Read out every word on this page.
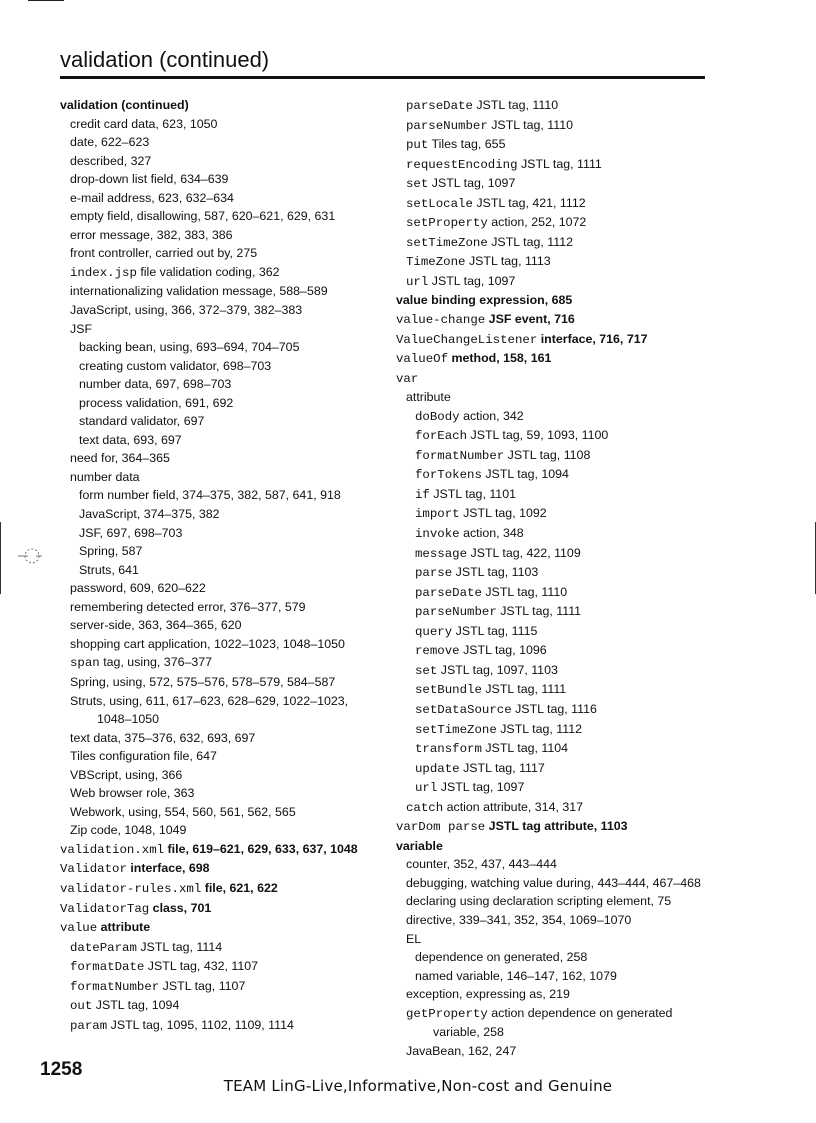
validation (continued)
validation (continued)
credit card data, 623, 1050
date, 622–623
described, 327
drop-down list field, 634–639
e-mail address, 623, 632–634
empty field, disallowing, 587, 620–621, 629, 631
error message, 382, 383, 386
front controller, carried out by, 275
index.jsp file validation coding, 362
internationalizing validation message, 588–589
JavaScript, using, 366, 372–379, 382–383
JSF
backing bean, using, 693–694, 704–705
creating custom validator, 698–703
number data, 697, 698–703
process validation, 691, 692
standard validator, 697
text data, 693, 697
need for, 364–365
number data
form number field, 374–375, 382, 587, 641, 918
JavaScript, 374–375, 382
JSF, 697, 698–703
Spring, 587
Struts, 641
password, 609, 620–622
remembering detected error, 376–377, 579
server-side, 363, 364–365, 620
shopping cart application, 1022–1023, 1048–1050
span tag, using, 376–377
Spring, using, 572, 575–576, 578–579, 584–587
Struts, using, 611, 617–623, 628–629, 1022–1023,
1048–1050
text data, 375–376, 632, 693, 697
Tiles configuration file, 647
VBScript, using, 366
Web browser role, 363
Webwork, using, 554, 560, 561, 562, 565
Zip code, 1048, 1049
validation.xml file, 619–621, 629, 633, 637, 1048
Validator interface, 698
validator-rules.xml file, 621, 622
ValidatorTag class, 701
value attribute
dateParam JSTL tag, 1114
formatDate JSTL tag, 432, 1107
formatNumber JSTL tag, 1107
out JSTL tag, 1094
param JSTL tag, 1095, 1102, 1109, 1114
parseDate JSTL tag, 1110
parseNumber JSTL tag, 1110
put Tiles tag, 655
requestEncoding JSTL tag, 1111
set JSTL tag, 1097
setLocale JSTL tag, 421, 1112
setProperty action, 252, 1072
setTimeZone JSTL tag, 1112
TimeZone JSTL tag, 1113
url JSTL tag, 1097
value binding expression, 685
value-change JSF event, 716
ValueChangeListener interface, 716, 717
valueOf method, 158, 161
var
attribute
doBody action, 342
forEach JSTL tag, 59, 1093, 1100
formatNumber JSTL tag, 1108
forTokens JSTL tag, 1094
if JSTL tag, 1101
import JSTL tag, 1092
invoke action, 348
message JSTL tag, 422, 1109
parse JSTL tag, 1103
parseDate JSTL tag, 1110
parseNumber JSTL tag, 1111
query JSTL tag, 1115
remove JSTL tag, 1096
set JSTL tag, 1097, 1103
setBundle JSTL tag, 1111
setDataSource JSTL tag, 1116
setTimeZone JSTL tag, 1112
transform JSTL tag, 1104
update JSTL tag, 1117
url JSTL tag, 1097
catch action attribute, 314, 317
varDom parse JSTL tag attribute, 1103
variable
counter, 352, 437, 443–444
debugging, watching value during, 443–444, 467–468
declaring using declaration scripting element, 75
directive, 339–341, 352, 354, 1069–1070
EL
dependence on generated, 258
named variable, 146–147, 162, 1079
exception, expressing as, 219
getProperty action dependence on generated
variable, 258
JavaBean, 162, 247
1258
TEAM LinG-Live,Informative,Non-cost and Genuine
